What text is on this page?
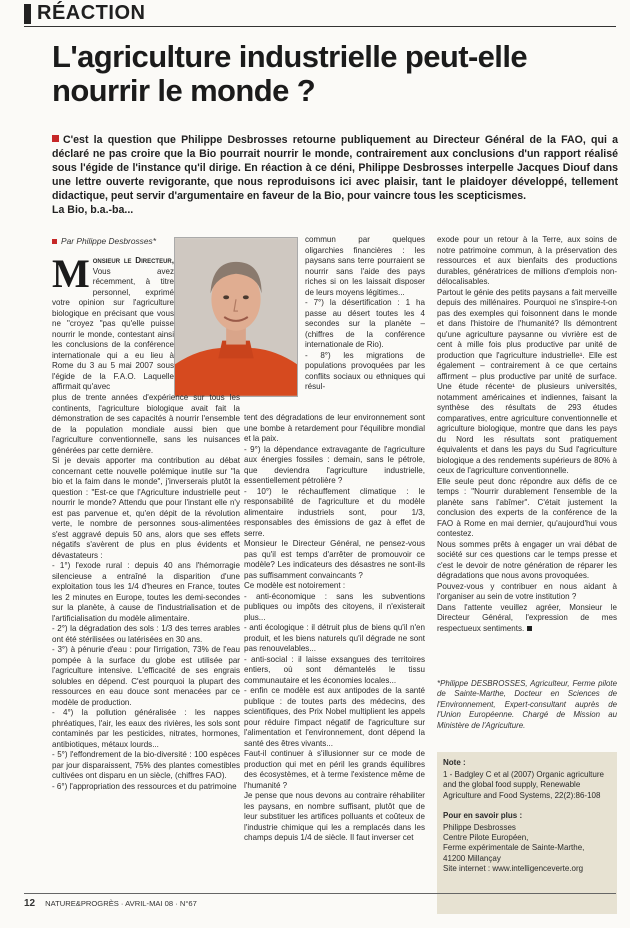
RÉACTION
L'agriculture industrielle peut-elle nourrir le monde ?
C'est la question que Philippe Desbrosses retourne publiquement au Directeur Général de la FAO, qui a déclaré ne pas croire que la Bio pourrait nourrir le monde, contrairement aux conclusions d'un rapport réalisé sous l'égide de l'instance qu'il dirige. En réaction à ce déni, Philippe Desbrosses interpelle Jacques Diouf dans une lettre ouverte revigorante, que nous reproduisons ici avec plaisir, tant le plaidoyer développé, tellement didactique, peut servir d'argumentaire en faveur de la Bio, pour vaincre tous les scepticismes.
La Bio, b.a.-ba...
Par Philippe Desbrosses*

Monsieur le Directeur, Vous avez récemment, à titre personnel, exprimé votre opinion sur l'agriculture biologique en précisant que vous ne "croyez "pas qu'elle puisse nourrir le monde, contestant ainsi les conclusions de la conférence internationale qui a eu lieu à Rome du 3 au 5 mai 2007 sous l'égide de la F.A.O. Laquelle affirmait qu'avec

plus de trente années d'expérience sur tous les continents, l'agriculture biologique avait fait la démonstration de ses capacités à nourrir l'ensemble de la population mondiale aussi bien que l'agriculture conventionnelle, sans les nuisances générées par cette dernière.

Si je devais apporter ma contribution au débat concernant cette nouvelle polémique inutile sur "la bio et la faim dans le monde", j'inverserais plutôt la question : "Est-ce que l'Agriculture industrielle peut nourrir le monde? Attendu que pour l'instant elle n'y est pas parvenue et, qu'en dépit de la révolution verte, le nombre de personnes sous-alimentées s'est aggravé depuis 50 ans, alors que ses effets négatifs s'avèrent de plus en plus évidents et dévastateurs :

- 1°) l'exode rural : depuis 40 ans l'hémorragie silencieuse a entraîné la disparition d'une exploitation tous les 1/4 d'heures en France, toutes les 2 minutes en Europe, toutes les demi-secondes sur la planète, à cause de l'industrialisation et de l'artificialisation du modèle alimentaire.

- 2°) la dégradation des sols : 1/3 des terres arables ont été stérilisées ou latérisées en 30 ans.

- 3°) à pénurie d'eau : pour l'irrigation, 73% de l'eau pompée à la surface du globe est utilisée par l'agriculture intensive. L'efficacité de ses engrais solubles en dépend. C'est pourquoi la plupart des ressources en eau douce sont menacées par ce modèle de production.

- 4°) la pollution généralisée : les nappes phréatiques, l'air, les eaux des rivières, les sols sont contaminés par les pesticides, nitrates, hormones, antibiotiques, métaux lourds...

- 5°) l'effondrement de la bio-diversité : 100 espèces par jour disparaissent, 75% des plantes comestibles cultivées ont disparu en un siècle, (chiffres FAO).

- 6°) l'appropriation des ressources et du patrimoine

commun par quelques oligarchies financières : les paysans sans terre pourraient se nourrir sans l'aide des pays riches si on les laissait disposer de leurs moyens légitimes...

- 7°) la désertification : 1 ha passe au désert toutes les 4 secondes sur la planète – (chiffres de la conférence internationale de Rio).

- 8°) les migrations de populations provoquées par les conflits sociaux ou ethniques qui résul-

tent des dégradations de leur environnement sont une bombe à retardement pour l'équilibre mondial et la paix.

- 9°) la dépendance extravagante de l'agriculture aux énergies fossiles : demain, sans le pétrole, que deviendra l'agriculture industrielle, essentiellement pétrolière ?

- 10°) le réchauffement climatique : le responsabilité de l'agriculture et du modèle alimentaire industriels sont, pour 1/3, responsables des émissions de gaz à effet de serre.

Monsieur le Directeur Général, ne pensez-vous pas qu'il est temps d'arrêter de promouvoir ce modèle? Les indicateurs des désastres ne sont-ils pas suffisamment convaincants ?

Ce modèle est notoirement :

- anti-économique : sans les subventions publiques ou impôts des citoyens, il n'existerait plus...

- anti écologique : il détruit plus de biens qu'il n'en produit, et les biens naturels qu'il dégrade ne sont pas renouvelables...

- anti-social : il laisse exsangues des territoires entiers, où sont démantelés le tissu communautaire et les économies locales...

- enfin ce modèle est aux antipodes de la santé publique : de toutes parts des médecins, des scientifiques, des Prix Nobel multiplient les appels pour réduire l'impact négatif de l'agriculture sur l'alimentation et l'environnement, dont dépend la santé des êtres vivants...

Faut-il continuer à s'illusionner sur ce mode de production qui met en péril les grands équilibres des écosystèmes, et à terme l'existence même de l'humanité ?

Je pense que nous devons au contraire réhabiliter les paysans, en nombre suffisant, plutôt que de leur substituer les artifices polluants et coûteux de l'industrie chimique qui les a remplacés dans les champs depuis 1/4 de siècle. Il faut inverser cet

exode pour un retour à la Terre, aux soins de notre patrimoine commun, à la préservation des ressources et aux bienfaits des productions durables, génératrices de millions d'emplois non-délocalisables.

Partout le génie des petits paysans a fait merveille depuis des millénaires. Pourquoi ne s'inspire-t-on pas des exemples qui foisonnent dans le monde et dans l'histoire de l'humanité? Ils démontrent qu'une agriculture paysanne ou vivrière est de cent à mille fois plus productive par unité de production que l'agriculture industrielle¹. Elle est également – contrairement à ce que certains affirment – plus productive par unité de surface. Une étude récente¹ de plusieurs universités, notamment américaines et indiennes, faisant la synthèse des résultats de 293 études comparatives, entre agriculture conventionnelle et agriculture biologique, montre que dans les pays du Nord les résultats sont pratiquement équivalents et dans les pays du Sud l'agriculture biologique a des rendements supérieurs de 80% à ceux de l'agriculture conventionnelle.

Elle seule peut donc répondre aux défis de ce temps : "Nourrir durablement l'ensemble de la planète sans l'abîmer". C'était justement la conclusion des experts de la conférence de la FAO à Rome en mai dernier, qu'aujourd'hui vous contestez.

Nous sommes prêts à engager un vrai débat de société sur ces questions car le temps presse et c'est le devoir de notre génération de réparer les dégradations que nous avons provoquées.

Pouvez-vous y contribuer en nous aidant à l'organiser au sein de votre institution ?

Dans l'attente veuillez agréer, Monsieur le Directeur Général, l'expression de mes respectueux sentiments.

*Philippe DESBROSSES, Agriculteur, Ferme pilote de Sainte-Marthe, Docteur en Sciences de l'Environnement, Expert-consultant auprès de l'Union Européenne. Chargé de Mission au Ministère de l'Agriculture.
Note :
1 - Badgley C et al (2007) Organic agriculture and the global food supply, Renewable Agriculture and Food Systems, 22(2):86-108
Pour en savoir plus :
Philippe Desbrosses
Centre Pilote Européen,
Ferme expérimentale de Sainte-Marthe,
41200 Millançay
Site internet : www.intelligenceverte.org
12 NATURE&PROGRÈS · AVRIL-MAI 08 · N°67
